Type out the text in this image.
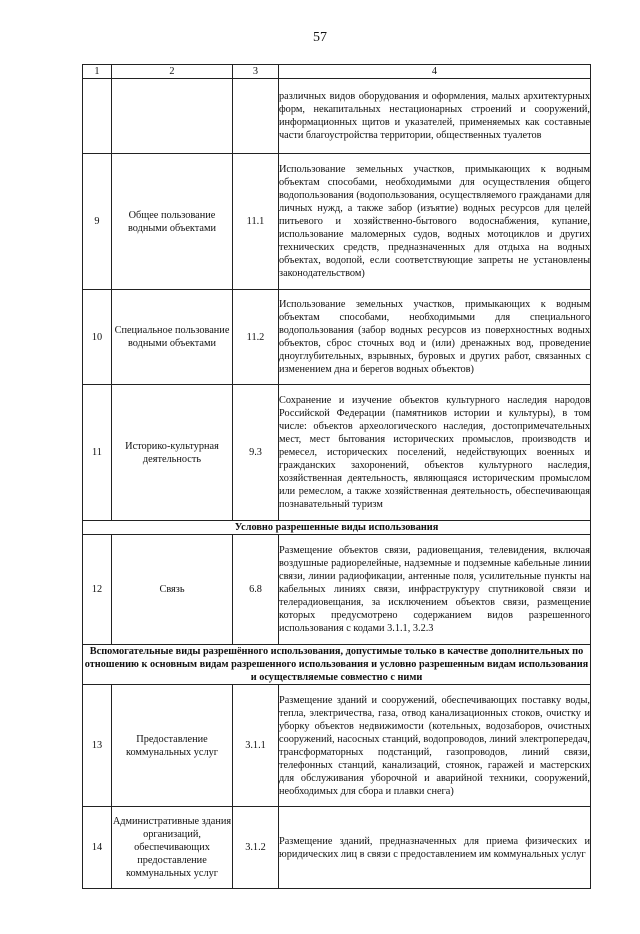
57
1	2	3	4
			различных видов оборудования и оформления, малых архитектурных форм, некапитальных нестационарных строений и сооружений, информационных щитов и указателей, применяемых как составные части благоустройства территории, общественных туалетов
9	Общее пользование водными объектами	11.1	Использование земельных участков, примыкающих к водным объектам способами, необходимыми для осуществления общего водопользования (водопользования, осуществляемого гражданами для личных нужд, а также забор (изъятие) водных ресурсов для целей питьевого и хозяйственно-бытового водоснабжения, купание, использование маломерных судов, водных мотоциклов и других технических средств, предназначенных для отдыха на водных объектах, водопой, если соответствующие запреты не установлены законодательством)
10	Специальное пользование водными объектами	11.2	Использование земельных участков, примыкающих к водным объектам способами, необходимыми для специального водопользования (забор водных ресурсов из поверхностных водных объектов, сброс сточных вод и (или) дренажных вод, проведение дноуглубительных, взрывных, буровых и других работ, связанных с изменением дна и берегов водных объектов)
11	Историко-культурная деятельность	9.3	Сохранение и изучение объектов культурного наследия народов Российской Федерации (памятников истории и культуры), в том числе: объектов археологического наследия, достопримечательных мест, мест бытования исторических промыслов, производств и ремесел, исторических поселений, недействующих военных и гражданских захоронений, объектов культурного наследия, хозяйственная деятельность, являющаяся историческим промыслом или ремеслом, а также хозяйственная деятельность, обеспечивающая познавательный туризм
Условно разрешенные виды использования			
12	Связь	6.8	Размещение объектов связи, радиовещания, телевидения, включая воздушные радиорелейные, надземные и подземные кабельные линии связи, линии радиофикации, антенные поля, усилительные пункты на кабельных линиях связи, инфраструктуру спутниковой связи и телерадиовещания, за исключением объектов связи, размещение которых предусмотрено содержанием видов разрешенного использования с кодами 3.1.1, 3.2.3
Вспомогательные виды разрешённого использования, допустимые только в качестве дополнительных по отношению к основным видам разрешенного использования и условно разрешенным видам использования и осуществляемые совместно с ними			
13	Предоставление коммунальных услуг	3.1.1	Размещение зданий и сооружений, обеспечивающих поставку воды, тепла, электричества, газа, отвод канализационных стоков, очистку и уборку объектов недвижимости (котельных, водозаборов, очистных сооружений, насосных станций, водопроводов, линий электропередач, трансформаторных подстанций, газопроводов, линий связи, телефонных станций, канализаций, стоянок, гаражей и мастерских для обслуживания уборочной и аварийной техники, сооружений, необходимых для сбора и плавки снега)
14	Административные здания организаций, обеспечивающих предоставление коммунальных услуг	3.1.2	Размещение зданий, предназначенных для приема физических и юридических лиц в связи с предоставлением им коммунальных услуг
